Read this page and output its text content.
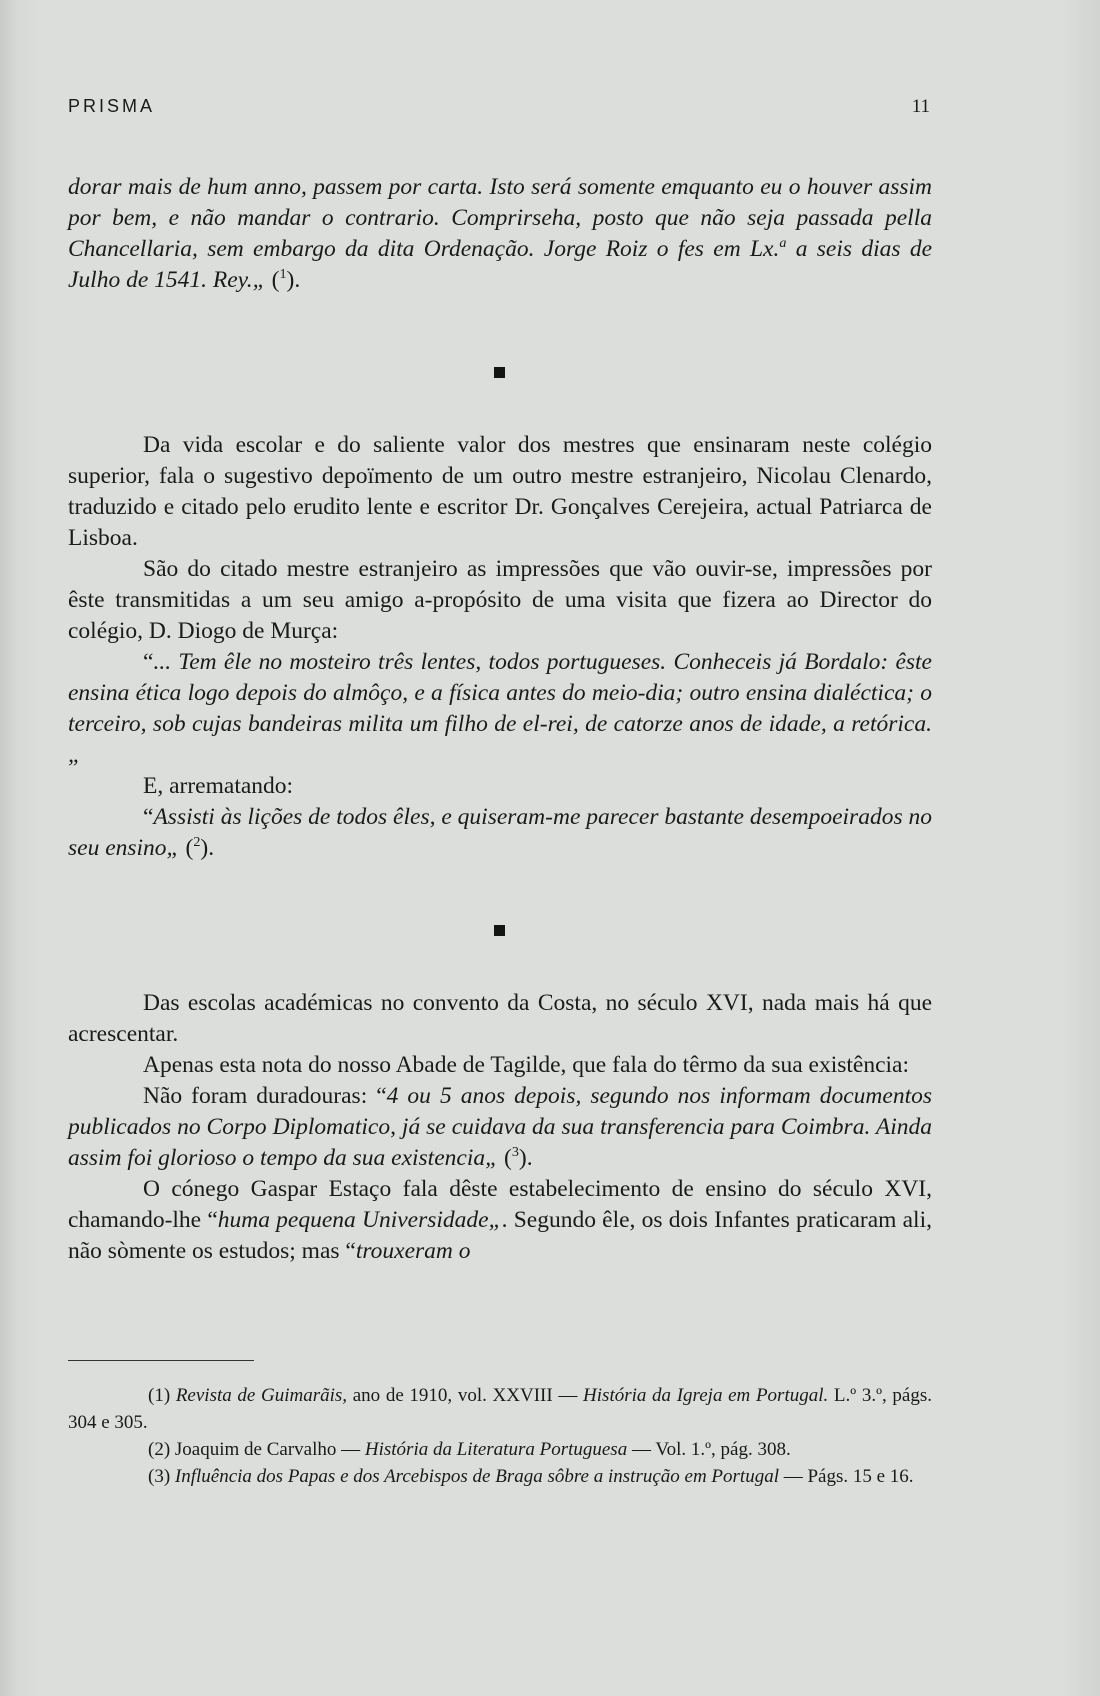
PRISMA	11

dorar mais de hum anno, passem por carta. Isto será somente emquanto eu o houver assim por bem, e não mandar o contrario. Comprirseha, posto que não seja passada pella Chancellaria, sem embargo da dita Ordenação. Jorge Roiz o fes em Lx.$^a$ a seis dias de Julho de 1541. Rey.„ ($^1$).

Da vida escolar e do saliente valor dos mestres que ensinaram neste colégio superior, fala o sugestivo depoïmento de um outro mestre estranjeiro, Nicolau Clenardo, traduzido e citado pelo erudito lente e escritor Dr. Gonçalves Cerejeira, actual Patriarca de Lisboa.

São do citado mestre estranjeiro as impressões que vão ouvir-se, impressões por êste transmitidas a um seu amigo a-propósito de uma visita que fizera ao Director do colégio, D. Diogo de Murça:

“... Tem êle no mosteiro três lentes, todos portugueses. Conheceis já Bordalo: êste ensina ética logo depois do almôço, e a física antes do meio-dia; outro ensina dialéctica; o terceiro, sob cujas bandeiras milita um filho de el-rei, de catorze anos de idade, a retórica.„

E, arrematando:

“Assisti às lições de todos êles, e quiseram-me parecer bastante desempoeirados no seu ensino„ ($^2$).

Das escolas académicas no convento da Costa, no século XVI, nada mais há que acrescentar.

Apenas esta nota do nosso Abade de Tagilde, que fala do têrmo da sua existência:

Não foram duradouras: “4 ou 5 anos depois, segundo nos informam documentos publicados no Corpo Diplomatico, já se cuidava da sua transferencia para Coimbra. Ainda assim foi glorioso o tempo da sua existencia„ ($^3$).

O cónego Gaspar Estaço fala dêste estabelecimento de ensino do século XVI, chamando-lhe “huma pequena Universidade„. Segundo êle, os dois Infantes praticaram ali, não sòmente os estudos; mas “trouxeram o

(1) Revista de Guimarãis, ano de 1910, vol. XXVIII — História da Igreja em Portugal. L.º 3.º, págs. 304 e 305.

(2) Joaquim de Carvalho — História da Literatura Portuguesa — Vol. 1.º, pág. 308.

(3) Influência dos Papas e dos Arcebispos de Braga sôbre a instrução em Portugal — Págs. 15 e 16.
